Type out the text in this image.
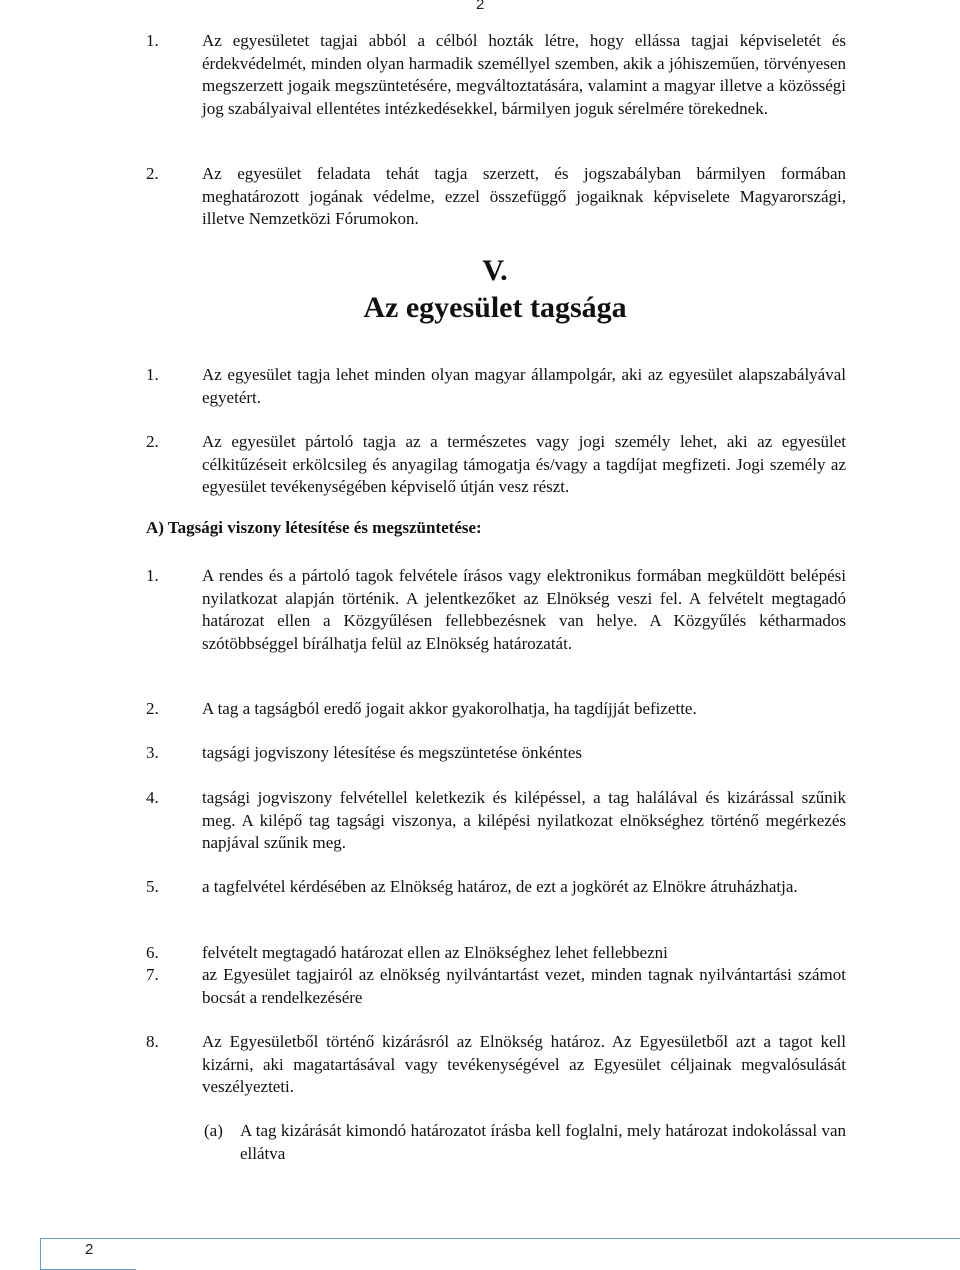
2
1.	Az egyesületet tagjai abból a célból hozták létre, hogy ellássa tagjai képviseletét és érdekvédelmét, minden olyan harmadik személlyel szemben, akik a jóhiszeműen, törvényesen megszerzett jogaik megszüntetésére, megváltoztatására, valamint a magyar illetve a közösségi jog szabályaival ellentétes intézkedésekkel, bármilyen joguk sérelmére törekednek.
2.	Az egyesület feladata tehát tagja szerzett, és jogszabályban bármilyen formában meghatározott jogának védelme, ezzel összefüggő jogaiknak képviselete Magyarországi, illetve Nemzetközi Fórumokon.
V.
Az egyesület tagsága
1.	Az egyesület tagja lehet minden olyan magyar állampolgár, aki az egyesület alapszabályával egyetért.
2.	Az egyesület pártoló tagja az a természetes vagy jogi személy lehet, aki az egyesület célkitűzéseit erkölcsileg és anyagilag támogatja és/vagy a tagdíjat megfizeti. Jogi személy az egyesület tevékenységében képviselő útján vesz részt.
A) Tagsági viszony létesítése és megszüntetése:
1.	A rendes és a pártoló tagok felvétele írásos vagy elektronikus formában megküldött belépési nyilatkozat alapján történik. A jelentkezőket az Elnökség veszi fel. A felvételt megtagadó határozat ellen a Közgyűlésen fellebbezésnek van helye. A Közgyűlés kétharmados szótöbbséggel bírálhatja felül az Elnökség határozatát.
2.	A tag a tagságból eredő jogait akkor gyakorolhatja, ha tagdíjját befizette.
3.	tagsági jogviszony létesítése és megszüntetése önkéntes
4.	tagsági jogviszony felvétellel keletkezik és kilépéssel, a tag halálával és kizárással szűnik meg. A kilépő tag tagsági viszonya, a kilépési nyilatkozat elnökséghez történő megérkezés napjával szűnik meg.
5.	a tagfelvétel kérdésében az Elnökség határoz, de ezt a jogkörét az Elnökre átruházhatja.
6.	felvételt megtagadó határozat ellen az Elnökséghez lehet fellebbezni
7.	az Egyesület tagjairól az elnökség nyilvántartást vezet, minden tagnak nyilvántartási számot bocsát a rendelkezésére
8.	Az Egyesületből történő kizárásról az Elnökség határoz. Az Egyesületből azt a tagot kell kizárni, aki magatartásával vagy tevékenységével az Egyesület céljainak megvalósulását veszélyezteti.
(a)	A tag kizárását kimondó határozatot írásba kell foglalni, mely határozat indokolással van ellátva
2
